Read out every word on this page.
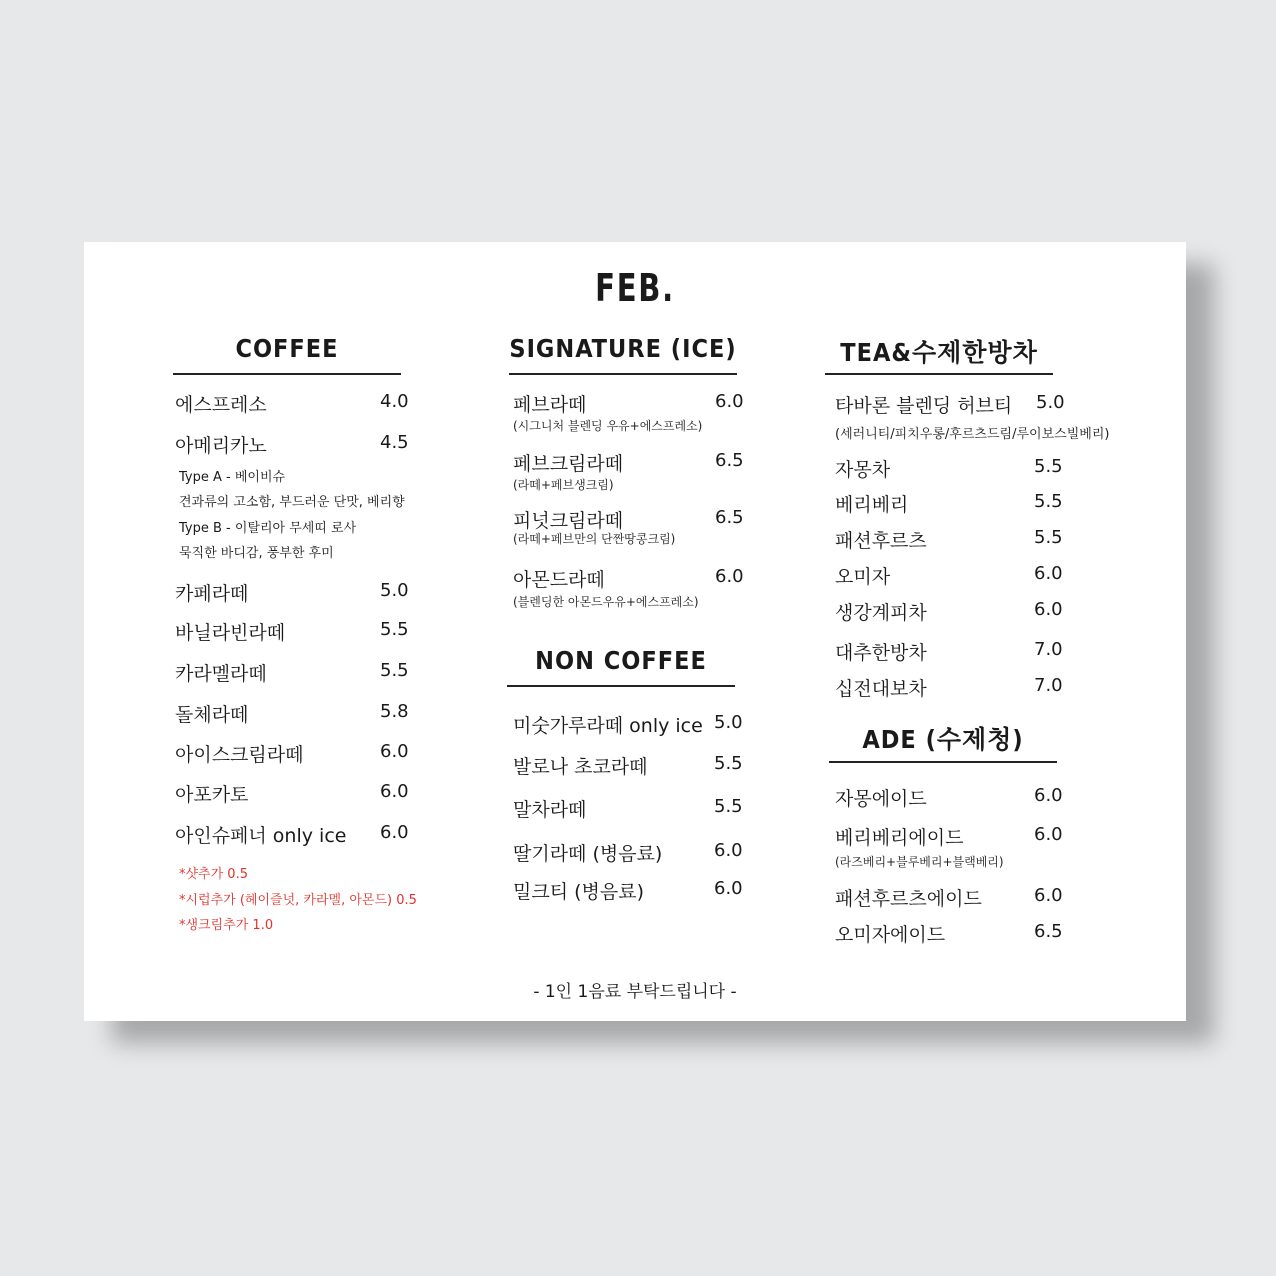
FEB.
COFFEE
에스프레소	4.0
아메리카노	4.5
Type A - 베이비슈
견과류의 고소함, 부드러운 단맛, 베리향
Type B - 이탈리아 무세띠 로사
묵직한 바디감, 풍부한 후미
카페라떼	5.0
바닐라빈라떼	5.5
카라멜라떼	5.5
돌체라떼	5.8
아이스크림라떼	6.0
아포카토	6.0
아인슈페너 only ice 6.0
*샷추가 0.5
*시럽추가 (헤이즐넛, 카라멜, 아몬드) 0.5
*생크림추가 1.0
SIGNATURE (ICE)
페브라떼	6.0
(시그니처 블렌딩 우유+에스프레소)
페브크림라떼	6.5
(라떼+페브생크림)
피넛크림라떼	6.5
(라떼+페브만의 단짠땅콩크림)
아몬드라떼	6.0
(블렌딩한 아몬드우유+에스프레소)
NON COFFEE
미숫가루라떼 only ice 5.0
발로나 초코라떼	5.5
말차라떼	5.5
딸기라떼 (병음료)	6.0
밀크티 (병음료)	6.0
TEA&수제한방차
타바론 블렌딩 허브티 5.0
(세러니티/피치우롱/후르츠드림/루이보스빌베리)
자몽차	5.5
베리베리	5.5
패션후르츠	5.5
오미자	6.0
생강계피차	6.0
대추한방차	7.0
십전대보차	7.0
ADE (수제청)
자몽에이드	6.0
베리베리에이드	6.0
(라즈베리+블루베리+블랙베리)
패션후르츠에이드	6.0
오미자에이드	6.5
- 1인 1음료 부탁드립니다 -
